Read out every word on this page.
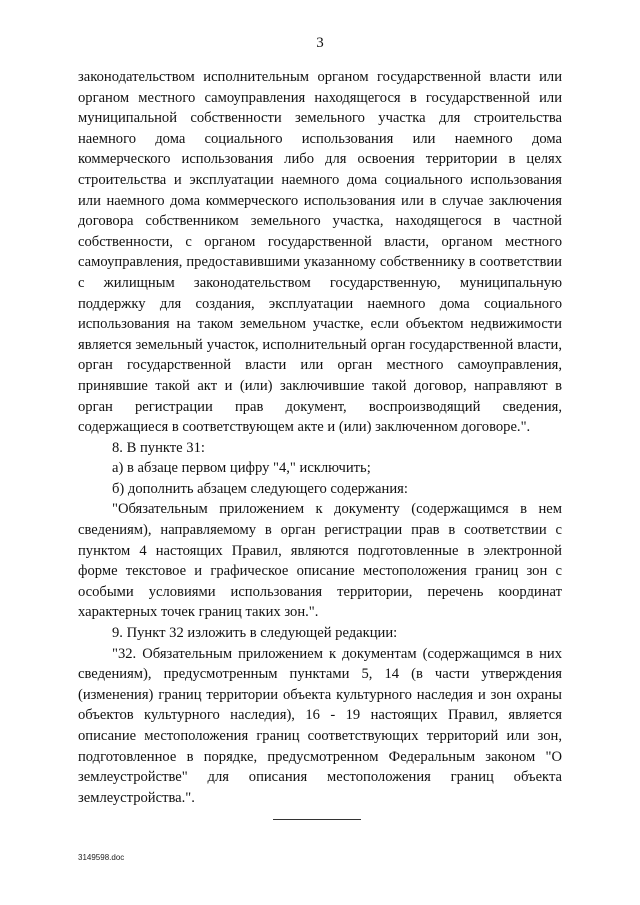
3

законодательством исполнительным органом государственной власти или органом местного самоуправления находящегося в государственной или муниципальной собственности земельного участка для строительства наемного дома социального использования или наемного дома коммерческого использования либо для освоения территории в целях строительства и эксплуатации наемного дома социального использования или наемного дома коммерческого использования или в случае заключения договора собственником земельного участка, находящегося в частной собственности, с органом государственной власти, органом местного самоуправления, предоставившими указанному собственнику в соответствии с жилищным законодательством государственную, муниципальную поддержку для создания, эксплуатации наемного дома социального использования на таком земельном участке, если объектом недвижимости является земельный участок, исполнительный орган государственной власти, орган государственной власти или орган местного самоуправления, принявшие такой акт и (или) заключившие такой договор, направляют в орган регистрации прав документ, воспроизводящий сведения, содержащиеся в соответствующем акте и (или) заключенном договоре.".

8. В пункте 31:

а) в абзаце первом цифру "4," исключить;

б) дополнить абзацем следующего содержания:

"Обязательным приложением к документу (содержащимся в нем сведениям), направляемому в орган регистрации прав в соответствии с пунктом 4 настоящих Правил, являются подготовленные в электронной форме текстовое и графическое описание местоположения границ зон с особыми условиями использования территории, перечень координат характерных точек границ таких зон.".

9. Пункт 32 изложить в следующей редакции:

"32. Обязательным приложением к документам (содержащимся в них сведениям), предусмотренным пунктами 5, 14 (в части утверждения (изменения) границ территории объекта культурного наследия и зон охраны объектов культурного наследия), 16 - 19 настоящих Правил, является описание местоположения границ соответствующих территорий или зон, подготовленное в порядке, предусмотренном Федеральным законом "О землеустройстве" для описания местоположения границ объекта землеустройства.".

3149598.doc
